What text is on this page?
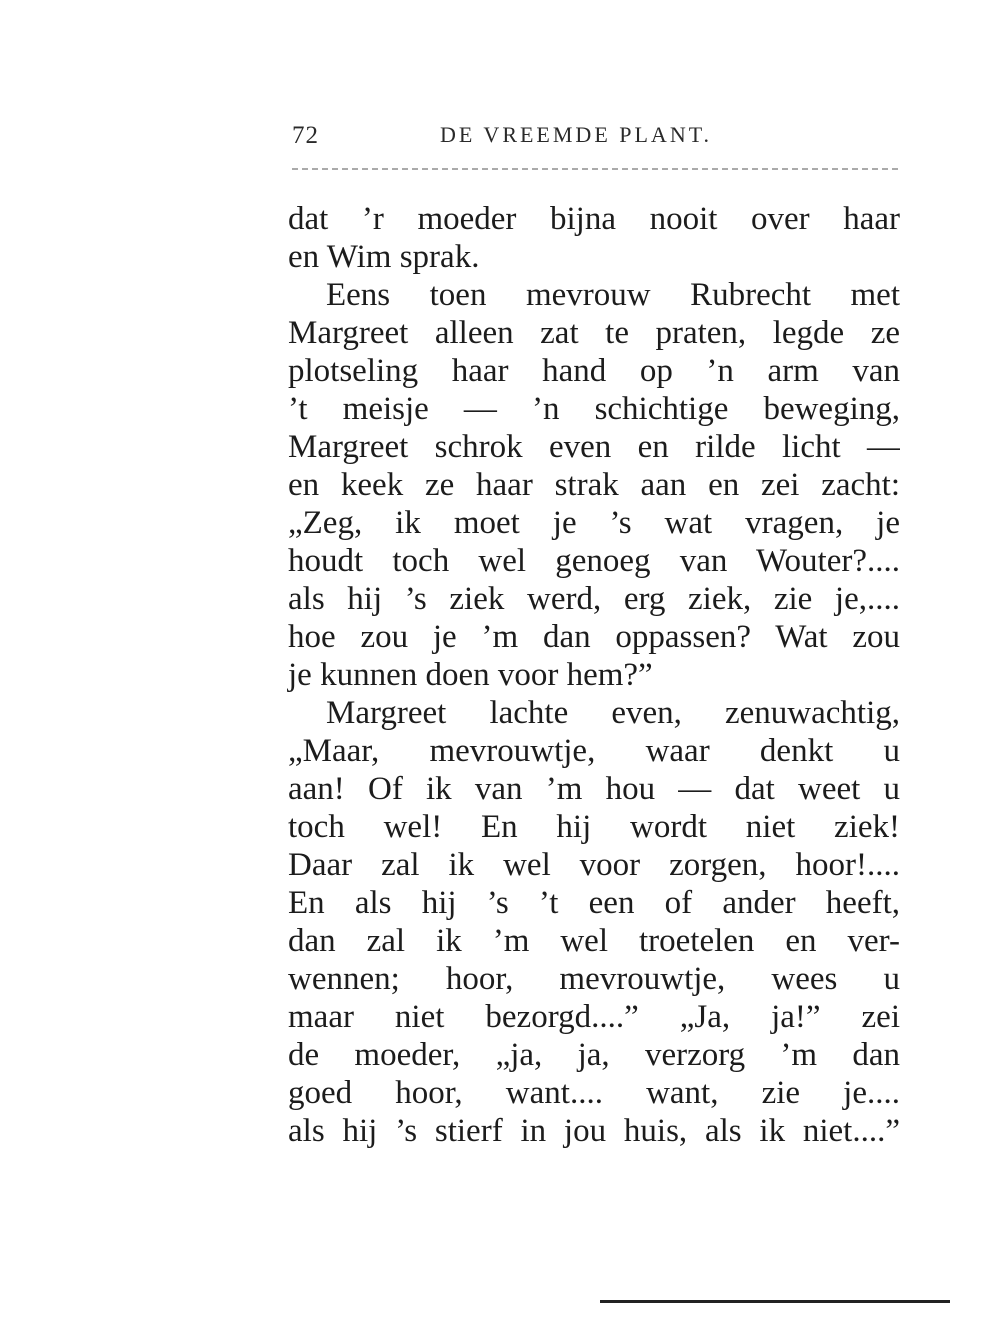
72	DE VREEMDE PLANT.
dat ’r moeder bijna nooit over haar
en Wim sprak.
Eens toen mevrouw Rubrecht met
Margreet alleen zat te praten, legde ze
plotseling haar hand op ’n arm van
’t meisje — ’n schichtige beweging,
Margreet schrok even en rilde licht —
en keek ze haar strak aan en zei zacht:
„Zeg, ik moet je ’s wat vragen, je
houdt toch wel genoeg van Wouter?....
als hij ’s ziek werd, erg ziek, zie je,....
hoe zou je ’m dan oppassen? Wat zou
je kunnen doen voor hem?”
Margreet lachte even, zenuwachtig,
„Maar, mevrouwtje, waar denkt u
aan! Of ik van ’m hou — dat weet u
toch wel! En hij wordt niet ziek!
Daar zal ik wel voor zorgen, hoor!....
En als hij ’s ’t een of ander heeft,
dan zal ik ’m wel troetelen en ver-
wennen; hoor, mevrouwtje, wees u
maar niet bezorgd....” „Ja, ja!” zei
de moeder, „ja, ja, verzorg ’m dan
goed hoor, want.... want, zie je....
als hij ’s stierf in jou huis, als ik niet....”
